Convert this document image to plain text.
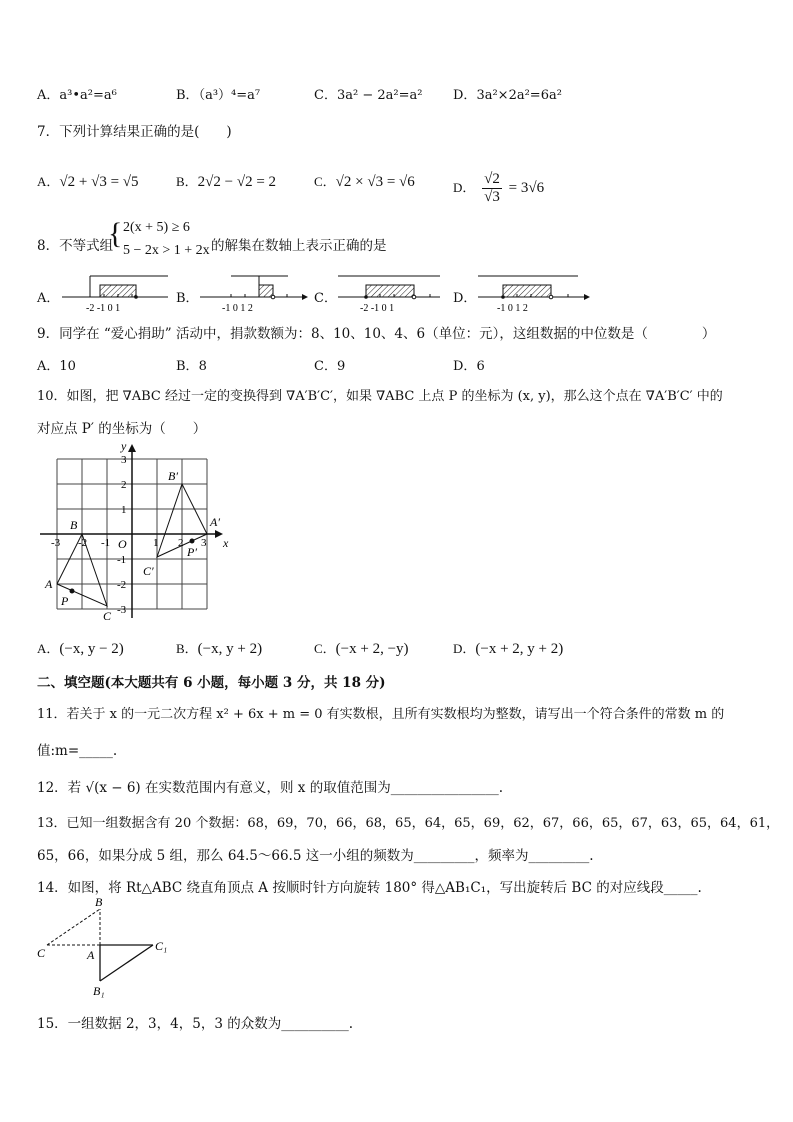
A．a³•a²=a⁶	B．（a³）⁴=a⁷	C．3a² − 2a²=a² D．3a²×2a²=6a²
7．下列计算结果正确的是(　　)
A．√2 + √3 = √5	B．2√2 − √2 = 2	C．√2 × √3 = √6	D． $\frac{√2}{√3} = 3√6$
8．不等式组
{ 2(x + 5) ≥ 6
5 − 2x > 1 + 2x 的解集在数轴上表示正确的是
A．	B．	C．	D．
-2 -1 0 1	-1 0 1 2	-2 -1 0 1	-1 0 1 2
9．同学在 “爱心捐助” 活动中，捐款数额为：8、10、10、4、6（单位：元），这组数据的中位数是（　　　　）
A．10	B．8	C．9	D．6
10．如图，把 ∇ABC 经过一定的变换得到 ∇A′B′C′，如果 ∇ABC 上点 P 的坐标为 (x, y)，那么这个点在 ∇A′B′C′ 中的
对应点 P′ 的坐标为（　　）
x
y
O
A
B
C
P
A′
B′
C′
P′
-3 -2 -1	1 2 3
3
2
1
-1
-2
-3
A．(−x, y − 2)	B．(−x, y + 2)	C．(−x + 2, −y)	D．(−x + 2, y + 2)
二、填空题(本大题共有 6 小题，每小题 3 分，共 18 分)
11．若关于 x 的一元二次方程 x² + 6x + m = 0 有实数根，且所有实数根均为整数，请写出一个符合条件的常数 m 的
值:m=_____.
12．若 √(x − 6) 在实数范围内有意义，则 x 的取值范围为________________.
13．已知一组数据含有 20 个数据：68，69，70，66，68，65，64，65，69，62，67，66，65，67，63，65，64，61，
65，66，如果分成 5 组，那么 64.5～66.5 这一小组的频数为_________，频率为_________.
14．如图，将 Rt△ABC 绕直角顶点 A 按顺时针方向旋转 180° 得△AB₁C₁，写出旋转后 BC 的对应线段_____.
B
C	A
C₁
B₁
15．一组数据 2，3，4，5，3 的众数为__________.
